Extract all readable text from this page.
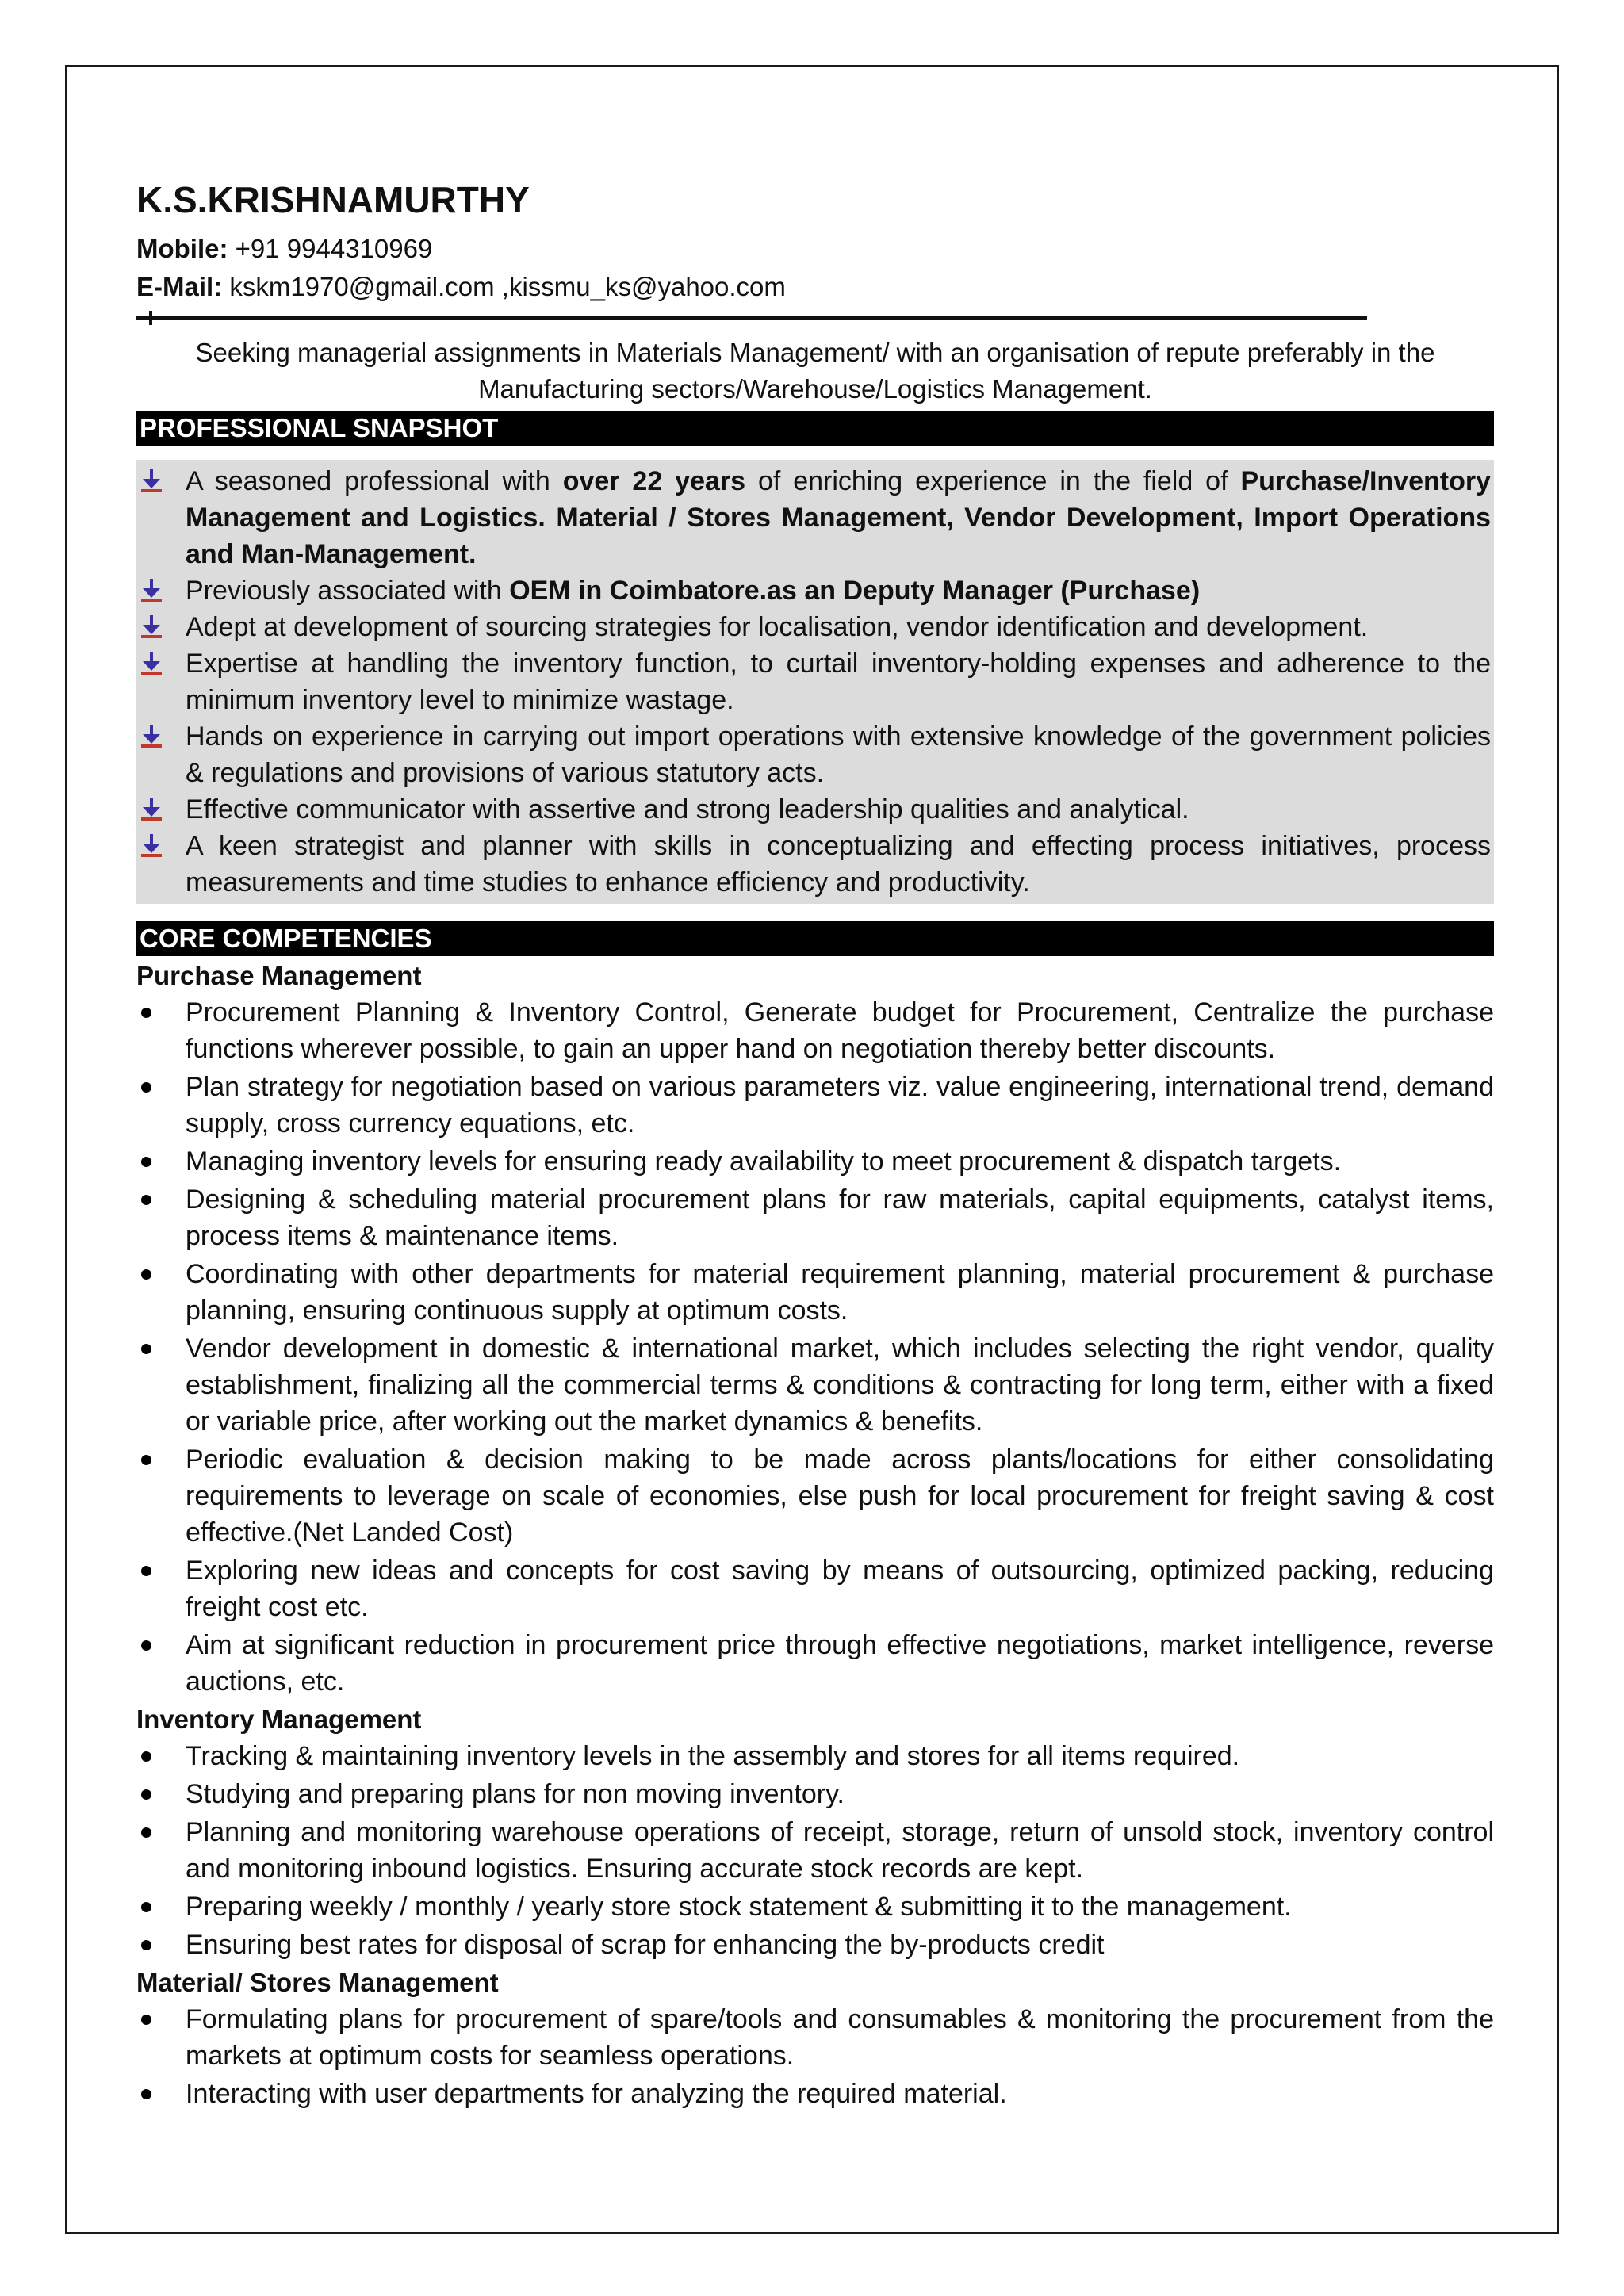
K.S.KRISHNAMURTHY
Mobile: +91 9944310969
E-Mail: kskm1970@gmail.com ,kissmu_ks@yahoo.com
Seeking managerial assignments in Materials Management/ with an organisation of repute preferably in the Manufacturing sectors/Warehouse/Logistics Management.
PROFESSIONAL SNAPSHOT
A seasoned professional with over 22 years of enriching experience in the field of Purchase/Inventory Management and Logistics. Material / Stores Management, Vendor Development, Import Operations and Man-Management.
Previously associated with OEM in Coimbatore.as an Deputy Manager (Purchase)
Adept at development of sourcing strategies for localisation, vendor identification and development.
Expertise at handling the inventory function, to curtail inventory-holding expenses and adherence to the minimum inventory level to minimize wastage.
Hands on experience in carrying out import operations with extensive knowledge of the government policies & regulations and provisions of various statutory acts.
Effective communicator with assertive and strong leadership qualities and analytical.
A keen strategist and planner with skills in conceptualizing and effecting process initiatives, process measurements and time studies to enhance efficiency and productivity.
CORE COMPETENCIES
Purchase Management
Procurement Planning & Inventory Control, Generate budget for Procurement, Centralize the purchase functions wherever possible, to gain an upper hand on negotiation thereby better discounts.
Plan strategy for negotiation based on various parameters viz. value engineering, international trend, demand supply, cross currency equations, etc.
Managing inventory levels for ensuring ready availability to meet procurement & dispatch targets.
Designing & scheduling material procurement plans for raw materials, capital equipments, catalyst items, process items & maintenance items.
Coordinating with other departments for material requirement planning, material procurement & purchase planning, ensuring continuous supply at optimum costs.
Vendor development in domestic & international market, which includes selecting the right vendor, quality establishment, finalizing all the commercial terms & conditions & contracting for long term, either with a fixed or variable price, after working out the market dynamics & benefits.
Periodic evaluation & decision making to be made across plants/locations for either consolidating requirements to leverage on scale of economies, else push for local procurement for freight saving & cost effective.(Net Landed Cost)
Exploring new ideas and concepts for cost saving by means of outsourcing, optimized packing, reducing freight cost etc.
Aim at significant reduction in procurement price through effective negotiations, market intelligence, reverse auctions, etc.
Inventory Management
Tracking & maintaining inventory levels in the assembly and stores for all items required.
Studying and preparing plans for non moving inventory.
Planning and monitoring warehouse operations of receipt, storage, return of unsold stock, inventory control and monitoring inbound logistics. Ensuring accurate stock records are kept.
Preparing weekly / monthly / yearly store stock statement & submitting it to the management.
Ensuring best rates for disposal of scrap for enhancing the by-products credit
Material/ Stores Management
Formulating plans for procurement of spare/tools and consumables & monitoring the procurement from the markets at optimum costs for seamless operations.
Interacting with user departments for analyzing the required material.
